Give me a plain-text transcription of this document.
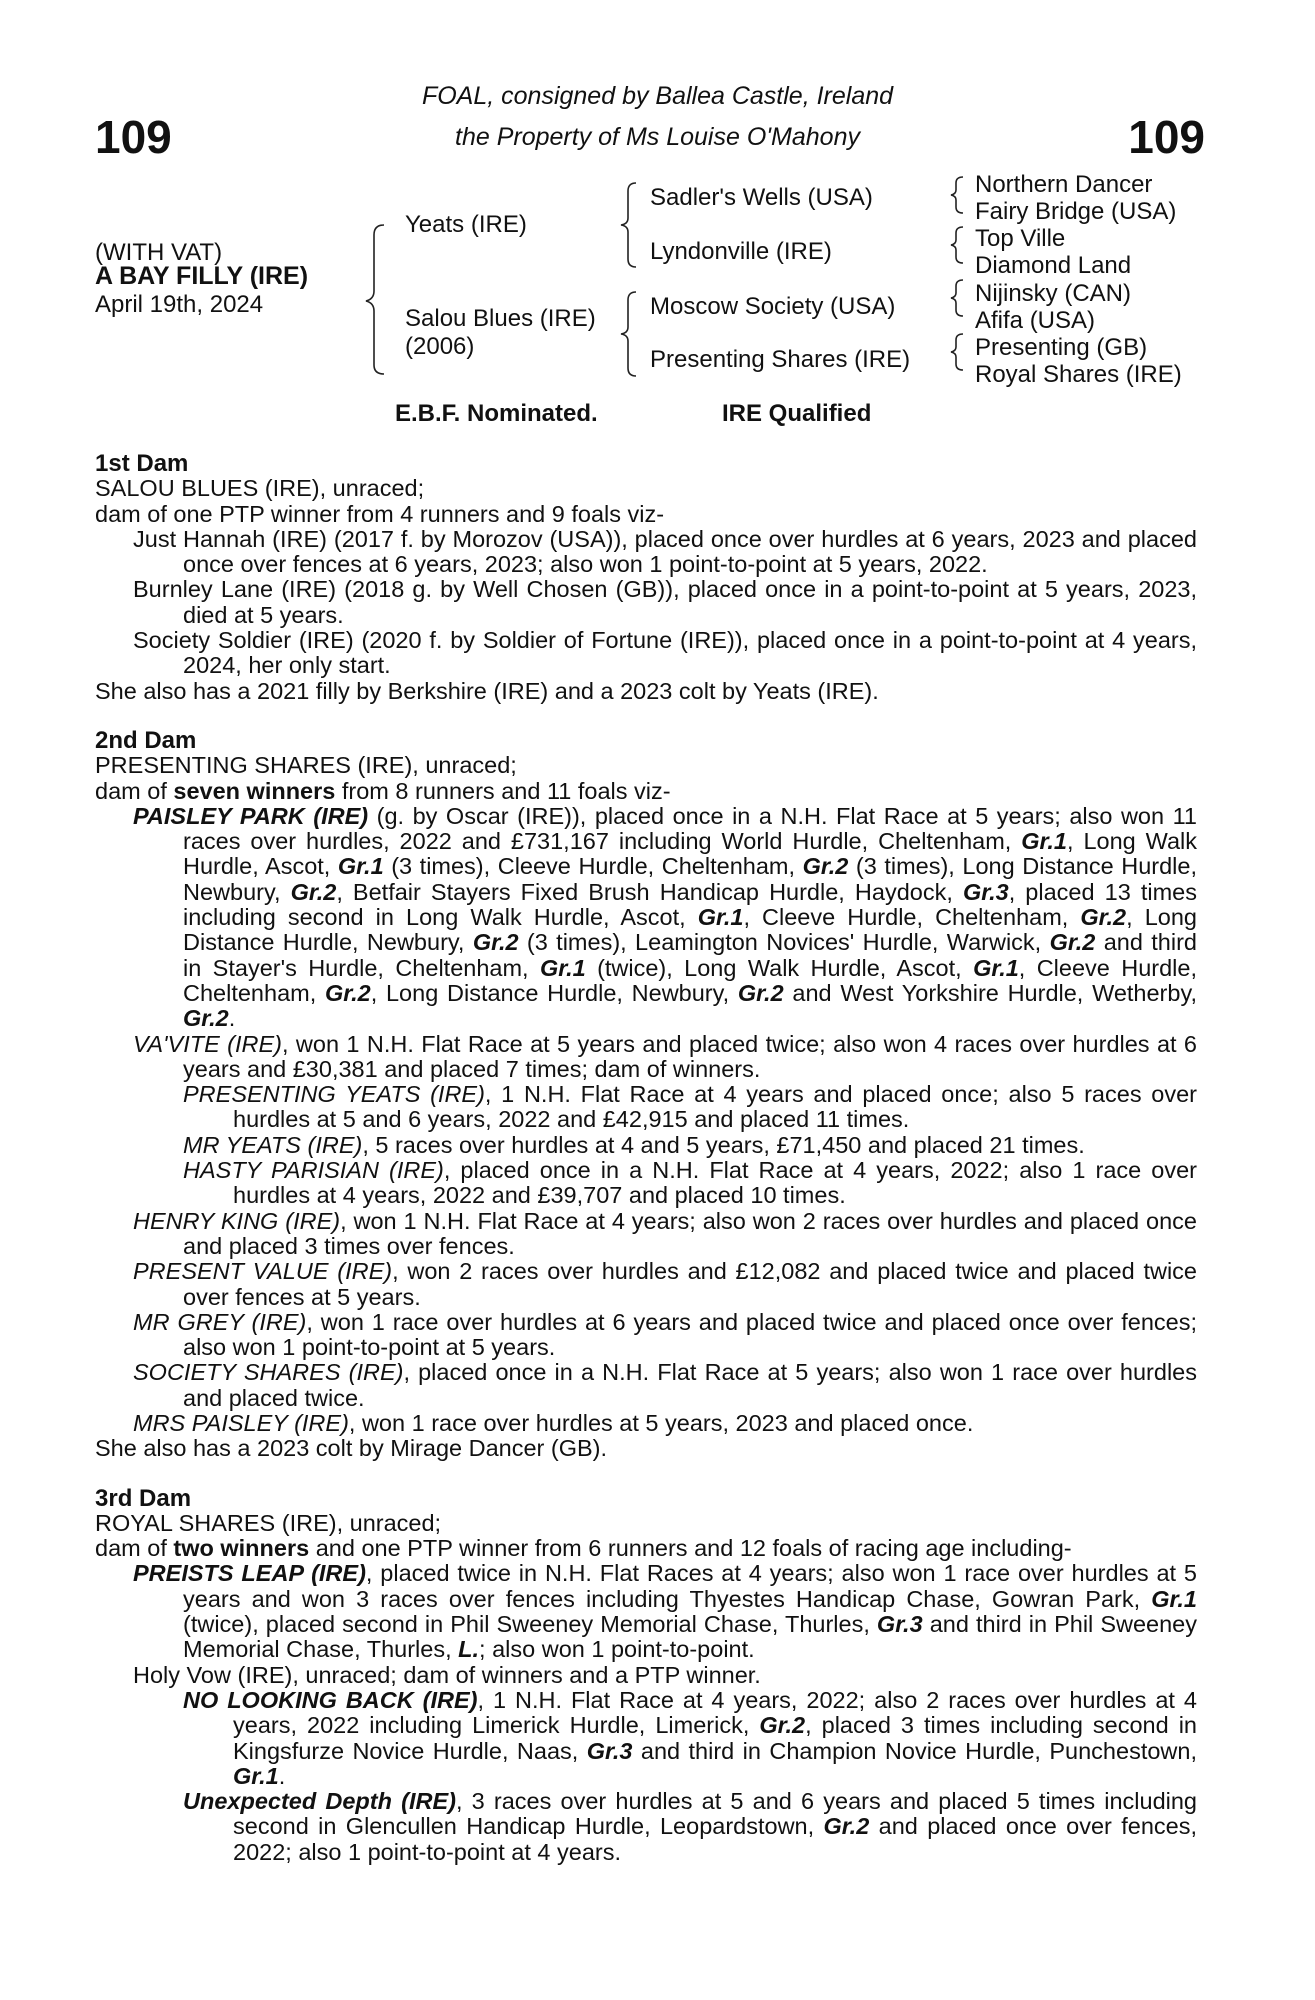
109	109
FOAL, consigned by Ballea Castle, Ireland
the Property of Ms Louise O'Mahony
(WITH VAT)
A BAY FILLY (IRE)
April 19th, 2024
Yeats (IRE)
Salou Blues (IRE)
(2006)
Sadler's Wells (USA)
Lyndonville (IRE)
Moscow Society (USA)
Presenting Shares (IRE)
Northern Dancer
Fairy Bridge (USA)
Top Ville
Diamond Land
Nijinsky (CAN)
Afifa (USA)
Presenting (GB)
Royal Shares (IRE)
E.B.F. Nominated.	IRE Qualified

1st Dam

SALOU BLUES (IRE), unraced;

dam of one PTP winner from 4 runners and 9 foals viz-

Just Hannah (IRE) (2017 f. by Morozov (USA)), placed once over hurdles at 6 years, 2023 and placed once over fences at 6 years, 2023; also won 1 point-to-point at 5 years, 2022.

Burnley Lane (IRE) (2018 g. by Well Chosen (GB)), placed once in a point-to-point at 5 years, 2023, died at 5 years.

Society Soldier (IRE) (2020 f. by Soldier of Fortune (IRE)), placed once in a point-to-point at 4 years, 2024, her only start.

She also has a 2021 filly by Berkshire (IRE) and a 2023 colt by Yeats (IRE).

2nd Dam

PRESENTING SHARES (IRE), unraced;

dam of seven winners from 8 runners and 11 foals viz-

PAISLEY PARK (IRE) (g. by Oscar (IRE)), placed once in a N.H. Flat Race at 5 years; also won 11 races over hurdles, 2022 and £731,167 including World Hurdle, Cheltenham, Gr.1, Long Walk Hurdle, Ascot, Gr.1 (3 times), Cleeve Hurdle, Cheltenham, Gr.2 (3 times), Long Distance Hurdle, Newbury, Gr.2, Betfair Stayers Fixed Brush Handicap Hurdle, Haydock, Gr.3, placed 13 times including second in Long Walk Hurdle, Ascot, Gr.1, Cleeve Hurdle, Cheltenham, Gr.2, Long Distance Hurdle, Newbury, Gr.2 (3 times), Leamington Novices' Hurdle, Warwick, Gr.2 and third in Stayer's Hurdle, Cheltenham, Gr.1 (twice), Long Walk Hurdle, Ascot, Gr.1, Cleeve Hurdle, Cheltenham, Gr.2, Long Distance Hurdle, Newbury, Gr.2 and West Yorkshire Hurdle, Wetherby, Gr.2.

VA'VITE (IRE), won 1 N.H. Flat Race at 5 years and placed twice; also won 4 races over hurdles at 6 years and £30,381 and placed 7 times; dam of winners.

PRESENTING YEATS (IRE), 1 N.H. Flat Race at 4 years and placed once; also 5 races over hurdles at 5 and 6 years, 2022 and £42,915 and placed 11 times.

MR YEATS (IRE), 5 races over hurdles at 4 and 5 years, £71,450 and placed 21 times.

HASTY PARISIAN (IRE), placed once in a N.H. Flat Race at 4 years, 2022; also 1 race over hurdles at 4 years, 2022 and £39,707 and placed 10 times.

HENRY KING (IRE), won 1 N.H. Flat Race at 4 years; also won 2 races over hurdles and placed once and placed 3 times over fences.

PRESENT VALUE (IRE), won 2 races over hurdles and £12,082 and placed twice and placed twice over fences at 5 years.

MR GREY (IRE), won 1 race over hurdles at 6 years and placed twice and placed once over fences; also won 1 point-to-point at 5 years.

SOCIETY SHARES (IRE), placed once in a N.H. Flat Race at 5 years; also won 1 race over hurdles and placed twice.

MRS PAISLEY (IRE), won 1 race over hurdles at 5 years, 2023 and placed once.

She also has a 2023 colt by Mirage Dancer (GB).

3rd Dam

ROYAL SHARES (IRE), unraced;

dam of two winners and one PTP winner from 6 runners and 12 foals of racing age including-

PREISTS LEAP (IRE), placed twice in N.H. Flat Races at 4 years; also won 1 race over hurdles at 5 years and won 3 races over fences including Thyestes Handicap Chase, Gowran Park, Gr.1 (twice), placed second in Phil Sweeney Memorial Chase, Thurles, Gr.3 and third in Phil Sweeney Memorial Chase, Thurles, L.; also won 1 point-to-point.

Holy Vow (IRE), unraced; dam of winners and a PTP winner.

NO LOOKING BACK (IRE), 1 N.H. Flat Race at 4 years, 2022; also 2 races over hurdles at 4 years, 2022 including Limerick Hurdle, Limerick, Gr.2, placed 3 times including second in Kingsfurze Novice Hurdle, Naas, Gr.3 and third in Champion Novice Hurdle, Punchestown, Gr.1.

Unexpected Depth (IRE), 3 races over hurdles at 5 and 6 years and placed 5 times including second in Glencullen Handicap Hurdle, Leopardstown, Gr.2 and placed once over fences, 2022; also 1 point-to-point at 4 years.
